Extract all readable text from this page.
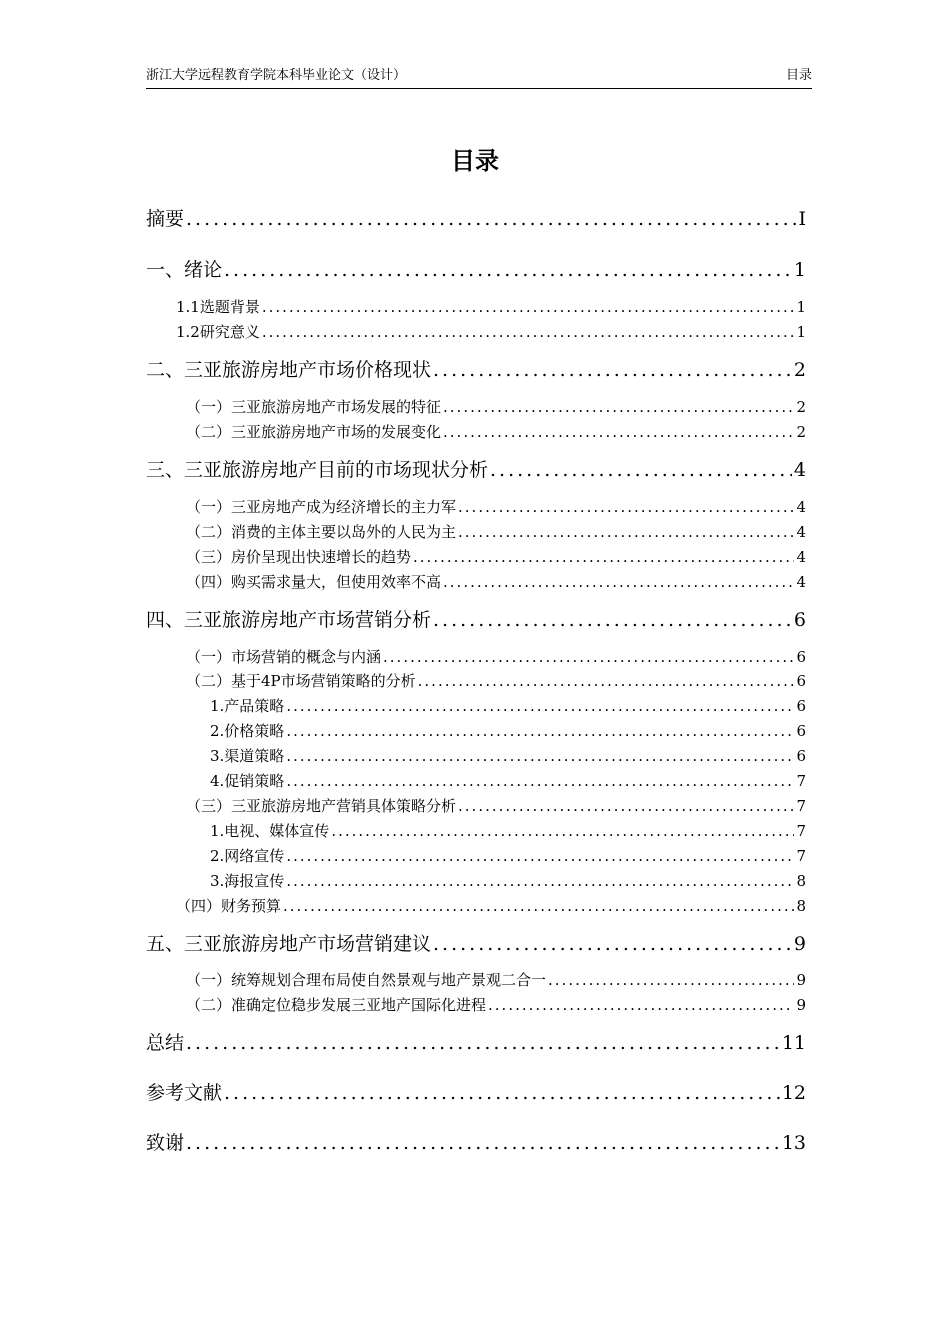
浙江大学远程教育学院本科毕业论文（设计）	目录
目录
摘要 .....	I
一、绪论 .....	1
1.1选题背景 .....	1
1.2研究意义 .....	1
二、三亚旅游房地产市场价格现状 .....	2
（一）三亚旅游房地产市场发展的特征 .....	2
（二）三亚旅游房地产市场的发展变化 .....	2
三、三亚旅游房地产目前的市场现状分析 .....	4
（一）三亚房地产成为经济增长的主力军 .....	4
（二）消费的主体主要以岛外的人民为主 .....	4
（三）房价呈现出快速增长的趋势 .....	4
（四）购买需求量大，但使用效率不高 .....	4
四、三亚旅游房地产市场营销分析 .....	6
（一）市场营销的概念与内涵 .....	6
（二）基于4P市场营销策略的分析 .....	6
1.产品策略 .....	6
2.价格策略 .....	6
3.渠道策略 .....	6
4.促销策略 .....	7
（三）三亚旅游房地产营销具体策略分析 .....	7
1.电视、媒体宣传 .....	7
2.网络宣传 .....	7
3.海报宣传 .....	8
（四）财务预算 .....	8
五、三亚旅游房地产市场营销建议 .....	9
（一）统筹规划合理布局使自然景观与地产景观二合一 .....	9
（二）准确定位稳步发展三亚地产国际化进程 .....	9
总结 .....	11
参考文献 .....	12
致谢 .....	13
